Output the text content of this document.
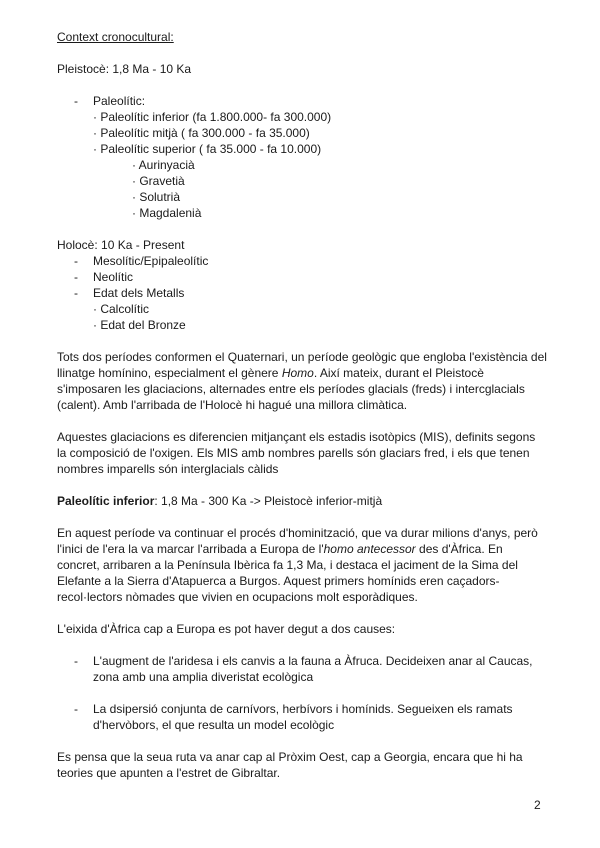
Context cronocultural:
Pleistocè: 1,8 Ma - 10 Ka
- Paleolític:
· Paleolític inferior (fa 1.800.000- fa 300.000)
· Paleolític mitjà ( fa 300.000 - fa 35.000)
· Paleolític superior ( fa 35.000 - fa 10.000)
· Aurinyacià
· Gravetià
· Solutrià
· Magdalenià
Holocè: 10 Ka - Present
- Mesolític/Epipaleolític
- Neolític
- Edat dels Metalls
· Calcolític
· Edat del Bronze
Tots dos períodes conformen el Quaternari, un període geològic que engloba l'existència del llinatge homínino, especialment el gènere Homo. Així mateix, durant el Pleistocè s'imposaren les glaciacions, alternades entre els períodes glacials (freds) i intercglacials (calent). Amb l'arribada de l'Holocè hi hagué una millora climàtica.
Aquestes glaciacions es diferencien mitjançant els estadis isotòpics (MIS), definits segons la composició de l'oxigen. Els MIS amb nombres parells són glaciars fred, i els que tenen nombres imparells són interglacials càlids
Paleolític inferior: 1,8 Ma - 300 Ka -> Pleistocè inferior-mitjà
En aquest període va continuar el procés d'hominització, que va durar milions d'anys, però l'inici de l'era la va marcar l'arribada a Europa de l'homo antecessor des d'Àfrica. En concret, arribaren a la Península Ibèrica fa 1,3 Ma, i destaca el jaciment de la Sima del Elefante a la Sierra d'Atapuerca a Burgos. Aquest primers homínids eren caçadors-recol·lectors nòmades que vivien en ocupacions molt esporàdiques.
L'eixida d'Àfrica cap a Europa es pot haver degut a dos causes:
- L'augment de l'aridesa i els canvis a la fauna a Àfruca. Decideixen anar al Caucas, zona amb una amplia diveristat ecològica
- La dsipersió conjunta de carnívors, herbívors i homínids. Segueixen els ramats d'hervòbors, el que resulta un model ecològic
Es pensa que la seua ruta va anar cap al Pròxim Oest, cap a Georgia, encara que hi ha teories que apunten a l'estret de Gibraltar.
2
